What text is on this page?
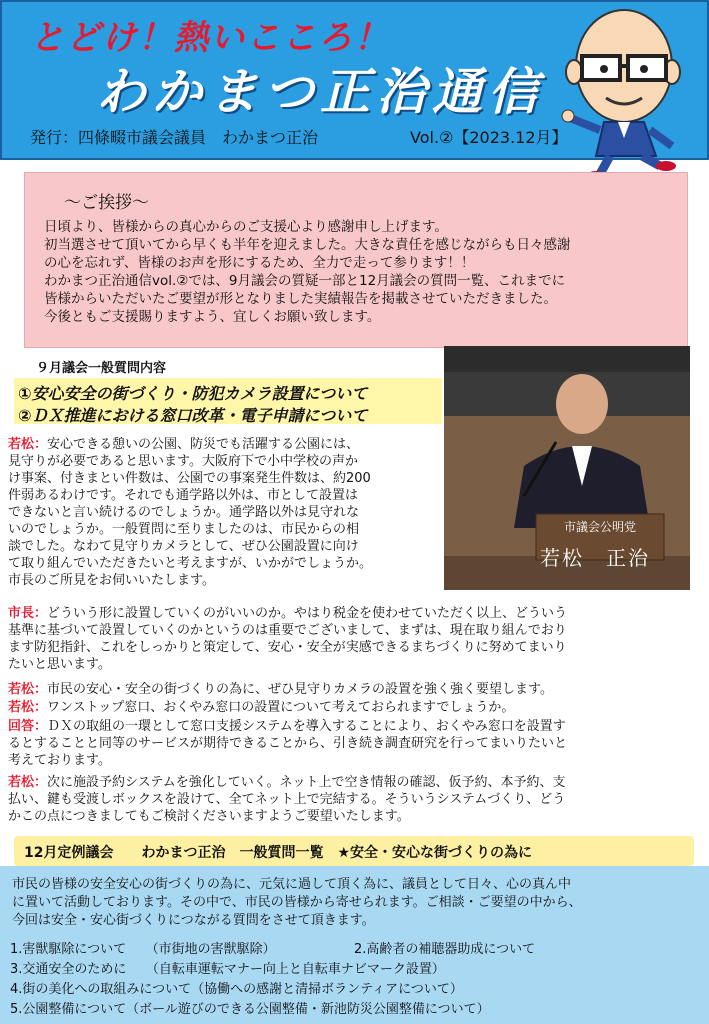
とどけ！熱いこころ！
わかまつ正治通信
発行：四條畷市議会議員　わかまつ正治	Vol.②【2023.12月】
～ご挨拶～
日頃より、皆様からの真心からのご支援心より感謝申し上げます。
初当選させて頂いてから早くも半年を迎えました。大きな責任を感じながらも日々感謝
の心を忘れず、皆様のお声を形にするため、全力で走って参ります！！
わかまつ正治通信vol.②では、9月議会の質疑一部と12月議会の質問一覧、これまでに
皆様からいただいたご要望が形となりました実績報告を掲載させていただきました。
今後ともご支援賜りますよう、宜しくお願い致します。
９月議会一般質問内容
①安心安全の街づくり・防犯カメラ設置について
②ＤＸ推進における窓口改革・電子申請について
市議会公明党
若松　正治
若松：安心できる憩いの公園、防災でも活躍する公園には、
見守りが必要であると思います。大阪府下で小中学校の声か
け事案、付きまとい件数は、公園での事案発生件数は、約200
件弱あるわけです。それでも通学路以外は、市として設置は
できないと言い続けるのでしょうか。通学路以外は見守れな
いのでしょうか。一般質問に至りましたのは、市民からの相
談でした。なわて見守りカメラとして、ぜひ公園設置に向け
て取り組んでいただきたいと考えますが、いかがでしょうか。
市長のご所見をお伺いいたします。
市長：どういう形に設置していくのがいいのか。やはり税金を使わせていただく以上、どういう
基準に基づいて設置していくのかというのは重要でございまして、まずは、現在取り組んでおり
ます防犯指針、これをしっかりと策定して、安心・安全が実感できるまちづくりに努めてまいり
たいと思います。
若松：市民の安心・安全の街づくりの為に、ぜひ見守りカメラの設置を強く強く要望します。
若松：ワンストップ窓口、おくやみ窓口の設置について考えておられますでしょうか。
回答：ＤＸの取組の一環として窓口支援システムを導入することにより、おくやみ窓口を設置す
るとすることと同等のサービスが期待できることから、引き続き調査研究を行ってまいりたいと
考えております。
若松：次に施設予約システムを強化していく。ネット上で空き情報の確認、仮予約、本予約、支
払い、鍵も受渡しボックスを設けて、全てネット上で完結する。そういうシステムづくり、どう
かこの点につきましてもご検討くださいますようご要望いたします。
12月定例議会　　わかまつ正治　一般質問一覧　★安全・安心な街づくりの為に
市民の皆様の安全安心の街づくりの為に、元気に過して頂く為に、議員として日々、心の真ん中
に置いて活動しております。その中で、市民の皆様から寄せられます。ご相談・ご要望の中から、
今回は安全・安心街づくりにつながる質問をさせて頂きます。
1.害獣駆除について　　（市街地の害獣駆除）	2.高齢者の補聴器助成について
3.交通安全のために　　（自転車運転マナー向上と自転車ナビマーク設置）
4.街の美化への取組みについて（協働への感謝と清掃ボランティアについて）
5.公園整備について（ボール遊びのできる公園整備・新池防災公園整備について）
